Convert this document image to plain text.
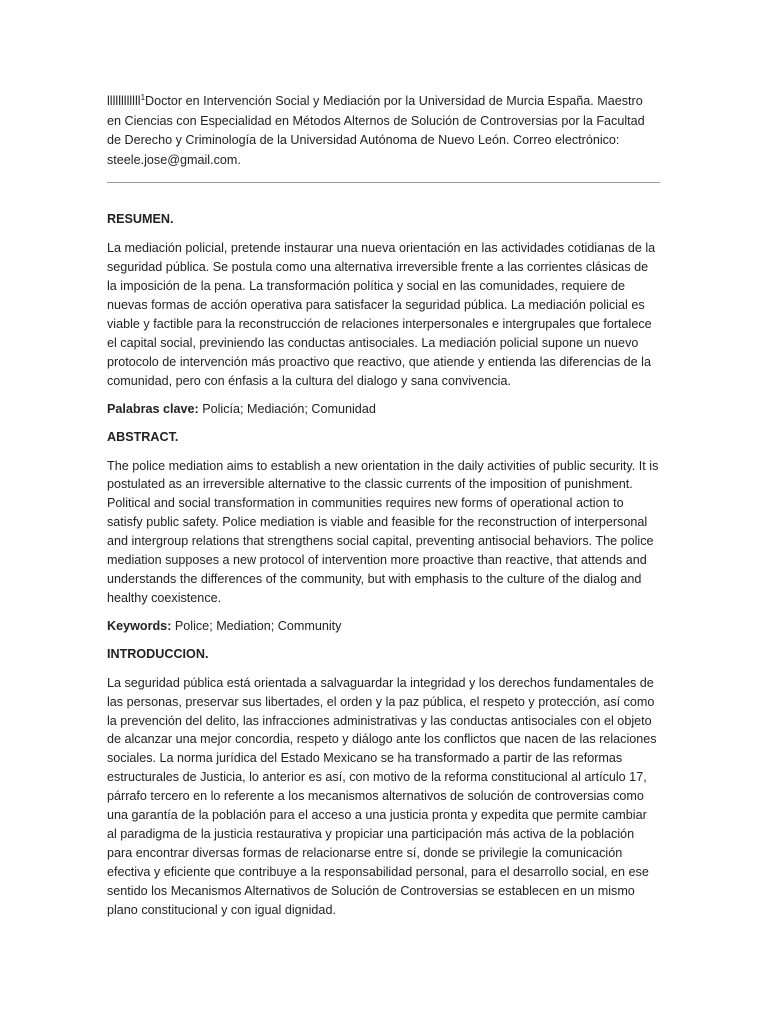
llllllllllll$^1$Doctor en Intervención Social y Mediación por la Universidad de Murcia España. Maestro en Ciencias con Especialidad en Métodos Alternos de Solución de Controversias por la Facultad de Derecho y Criminología de la Universidad Autónoma de Nuevo León. Correo electrónico: steele.jose@gmail.com.

RESUMEN.

La mediación policial, pretende instaurar una nueva orientación en las actividades cotidianas de la seguridad pública. Se postula como una alternativa irreversible frente a las corrientes clásicas de la imposición de la pena. La transformación política y social en las comunidades, requiere de nuevas formas de acción operativa para satisfacer la seguridad pública. La mediación policial es viable y factible para la reconstrucción de relaciones interpersonales e intergrupales que fortalece el capital social, previniendo las conductas antisociales. La mediación policial supone un nuevo protocolo de intervención más proactivo que reactivo, que atiende y entienda las diferencias de la comunidad, pero con énfasis a la cultura del dialogo y sana convivencia.

Palabras clave: Policía; Mediación; Comunidad

ABSTRACT.

The police mediation aims to establish a new orientation in the daily activities of public security. It is postulated as an irreversible alternative to the classic currents of the imposition of punishment. Political and social transformation in communities requires new forms of operational action to satisfy public safety. Police mediation is viable and feasible for the reconstruction of interpersonal and intergroup relations that strengthens social capital, preventing antisocial behaviors. The police mediation supposes a new protocol of intervention more proactive than reactive, that attends and understands the differences of the community, but with emphasis to the culture of the dialog and healthy coexistence.

Keywords: Police; Mediation; Community

INTRODUCCION.

La seguridad pública está orientada a salvaguardar la integridad y los derechos fundamentales de las personas, preservar sus libertades, el orden y la paz pública, el respeto y protección, así como la prevención del delito, las infracciones administrativas y las conductas antisociales con el objeto de alcanzar una mejor concordia, respeto y diálogo ante los conflictos que nacen de las relaciones sociales. La norma jurídica del Estado Mexicano se ha transformado a partir de las reformas estructurales de Justicia, lo anterior es así, con motivo de la reforma constitucional al artículo 17, párrafo tercero en lo referente a los mecanismos alternativos de solución de controversias como una garantía de la población para el acceso a una justicia pronta y expedita que permite cambiar al paradigma de la justicia restaurativa y propiciar una participación más activa de la población para encontrar diversas formas de relacionarse entre sí, donde se privilegie la comunicación efectiva y eficiente que contribuye a la responsabilidad personal, para el desarrollo social, en ese sentido los Mecanismos Alternativos de Solución de Controversias se establecen en un mismo plano constitucional y con igual dignidad.
